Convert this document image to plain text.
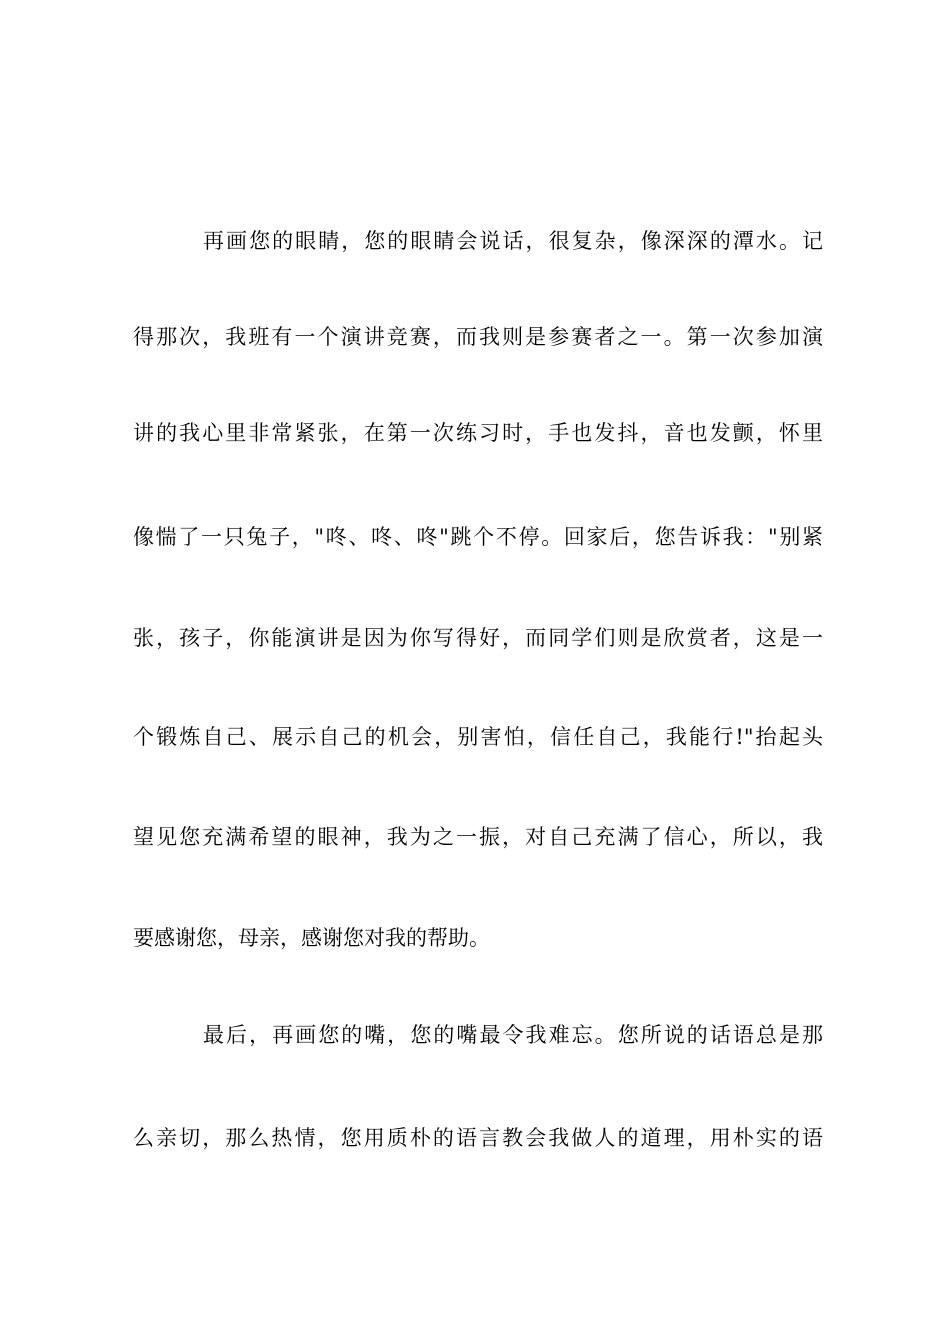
再画您的眼睛，您的眼睛会说话，很复杂，像深深的潭水。记
得那次，我班有一个演讲竞赛，而我则是参赛者之一。第一次参加演
讲的我心里非常紧张，在第一次练习时，手也发抖，音也发颤，怀里
像惴了一只兔子，"咚、咚、咚"跳个不停。回家后，您告诉我："别紧
张，孩子，你能演讲是因为你写得好，而同学们则是欣赏者，这是一
个锻炼自己、展示自己的机会，别害怕，信任自己，我能行!"抬起头
望见您充满希望的眼神，我为之一振，对自己充满了信心，所以，我
要感谢您，母亲，感谢您对我的帮助。
最后，再画您的嘴，您的嘴最令我难忘。您所说的话语总是那
么亲切，那么热情，您用质朴的语言教会我做人的道理，用朴实的语
